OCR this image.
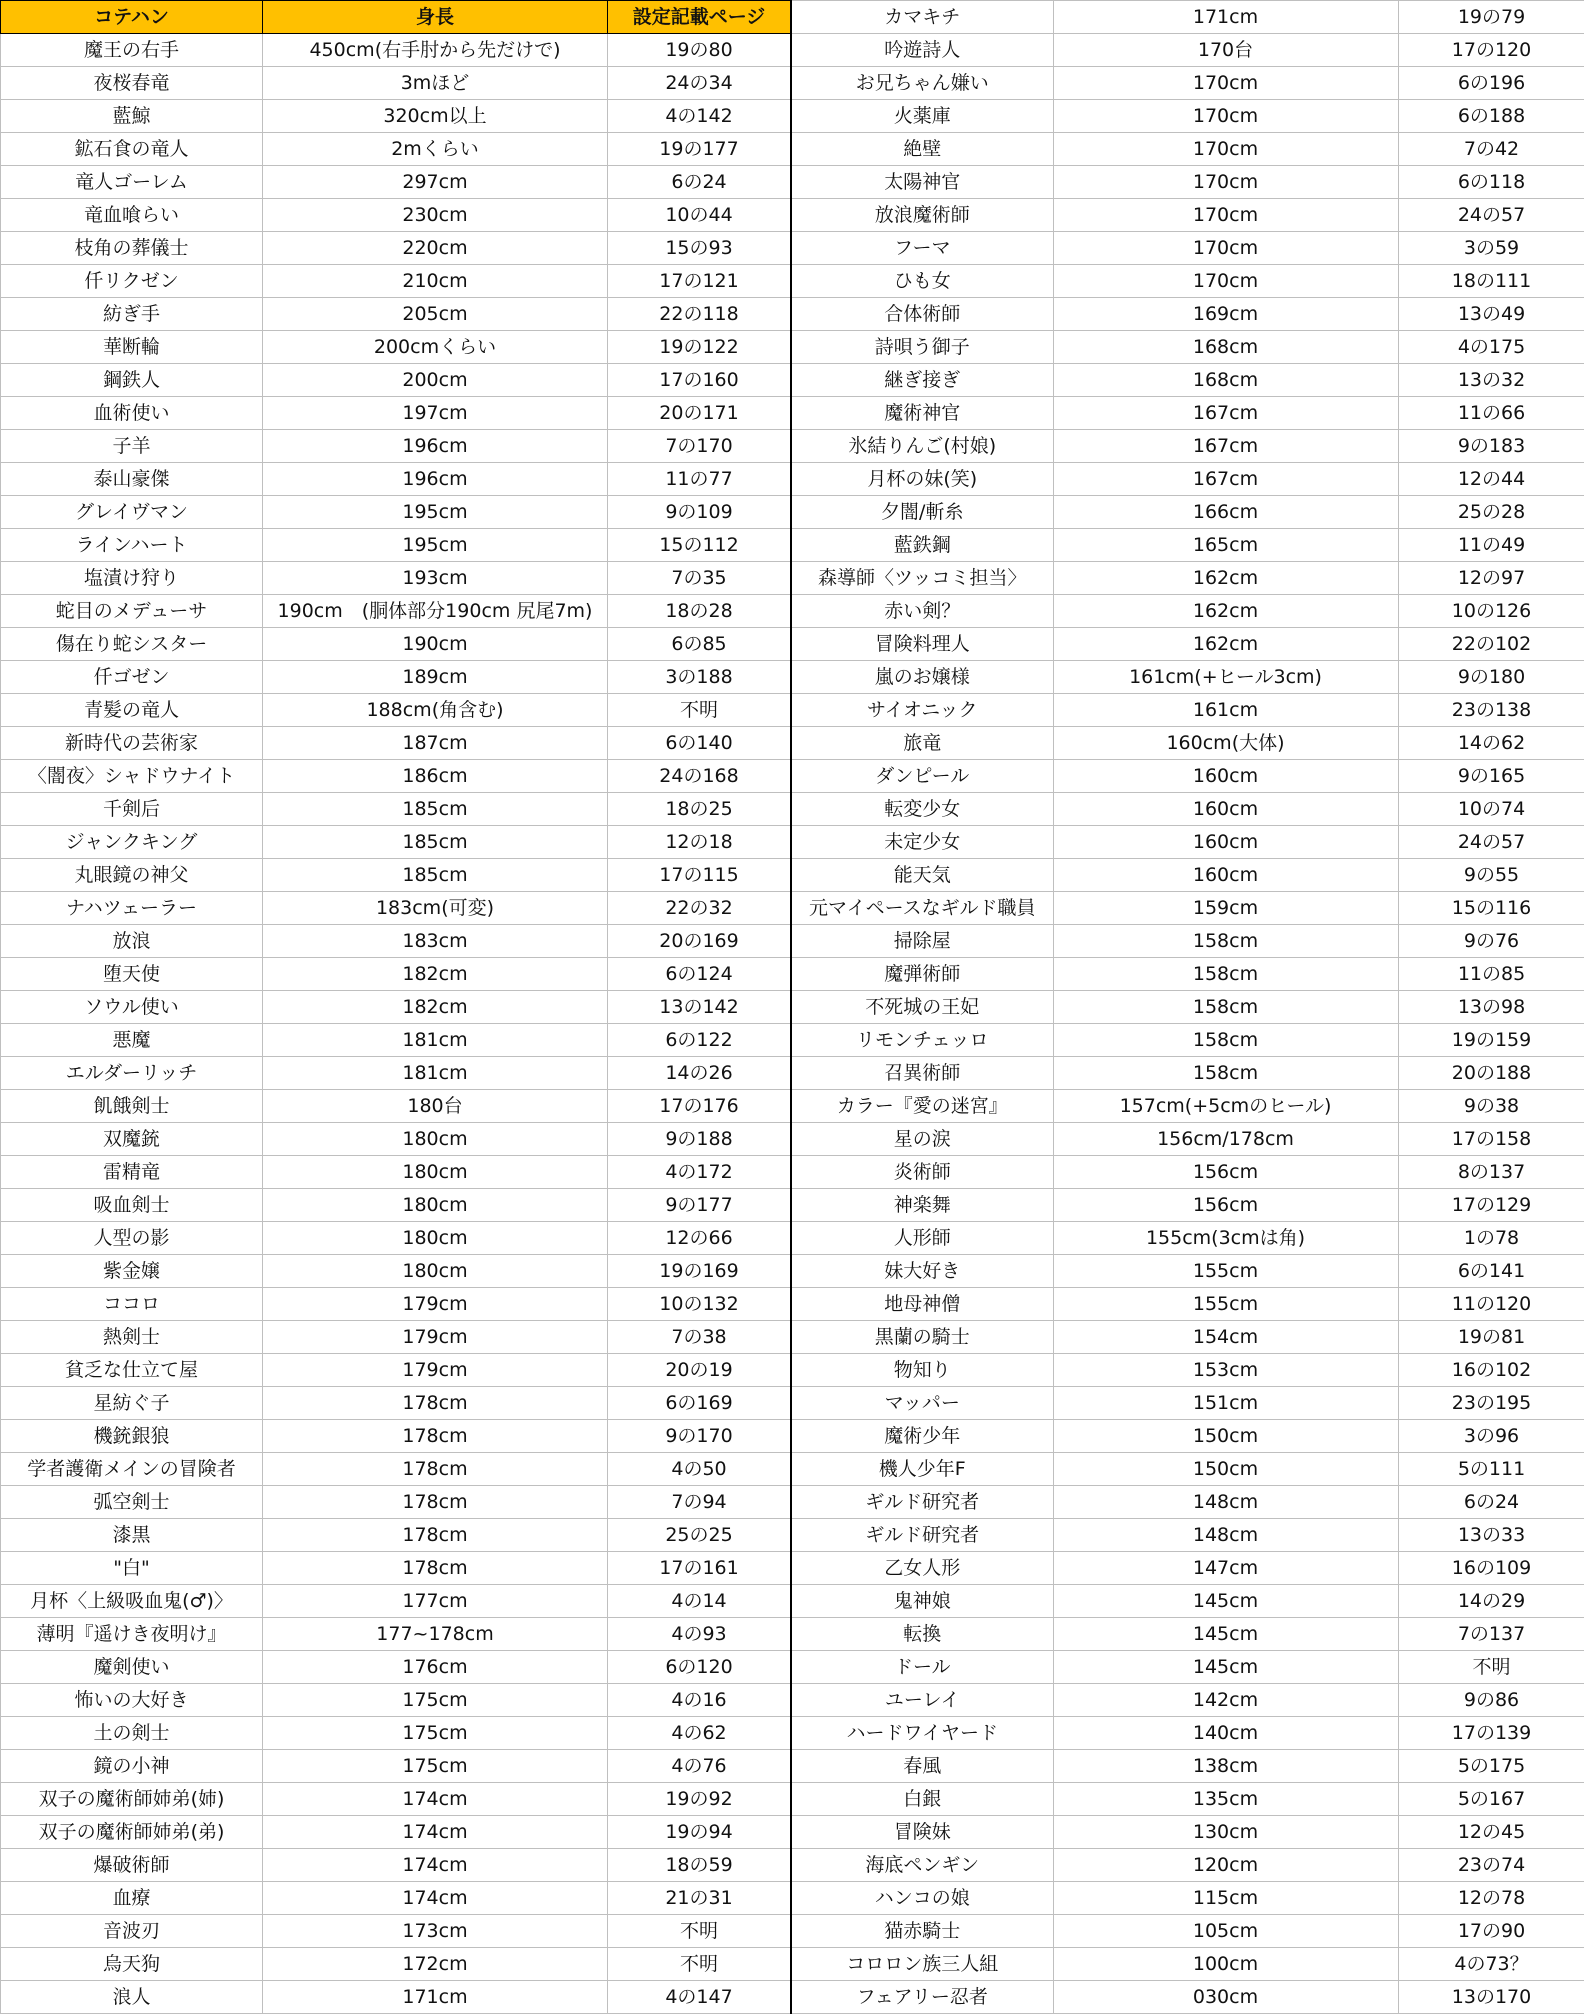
コテハン	身長	設定記載ページ
魔王の右手	450cm(右手肘から先だけで)	19の80
夜桜春竜	3mほど	24の34
藍鯨	320cm以上	4の142
鉱石食の竜人	2mくらい	19の177
竜人ゴーレム	297cm	6の24
竜血喰らい	230cm	10の44
枝角の葬儀士	220cm	15の93
仟リクゼン	210cm	17の121
紡ぎ手	205cm	22の118
華断輪	200cmくらい	19の122
鋼鉄人	200cm	17の160
血術使い	197cm	20の171
子羊	196cm	7の170
泰山豪傑	196cm	11の77
グレイヴマン	195cm	9の109
ラインハート	195cm	15の112
塩漬け狩り	193cm	7の35
蛇目のメデューサ	190cm　(胴体部分190cm 尻尾7m)	18の28
傷在り蛇シスター	190cm	6の85
仟ゴゼン	189cm	3の188
青髪の竜人	188cm(角含む)	不明
新時代の芸術家	187cm	6の140
〈闇夜〉シャドウナイト	186cm	24の168
千剣后	185cm	18の25
ジャンクキング	185cm	12の18
丸眼鏡の神父	185cm	17の115
ナハツェーラー	183cm(可変)	22の32
放浪	183cm	20の169
堕天使	182cm	6の124
ソウル使い	182cm	13の142
悪魔	181cm	6の122
エルダーリッチ	181cm	14の26
飢餓剣士	180台	17の176
双魔銃	180cm	9の188
雷精竜	180cm	4の172
吸血剣士	180cm	9の177
人型の影	180cm	12の66
紫金嬢	180cm	19の169
ココロ	179cm	10の132
熱剣士	179cm	7の38
貧乏な仕立て屋	179cm	20の19
星紡ぐ子	178cm	6の169
機銃銀狼	178cm	9の170
学者護衛メインの冒険者	178cm	4の50
弧空剣士	178cm	7の94
漆黒	178cm	25の25
"白"	178cm	17の161
月杯〈上級吸血鬼(♂)〉	177cm	4の14
薄明『遥けき夜明け』	177~178cm	4の93
魔剣使い	176cm	6の120
怖いの大好き	175cm	4の16
土の剣士	175cm	4の62
鏡の小神	175cm	4の76
双子の魔術師姉弟(姉)	174cm	19の92
双子の魔術師姉弟(弟)	174cm	19の94
爆破術師	174cm	18の59
血療	174cm	21の31
音波刃	173cm	不明
烏天狗	172cm	不明
浪人	171cm	4の147
カマキチ	171cm	19の79
吟遊詩人	170台	17の120
お兄ちゃん嫌い	170cm	6の196
火薬庫	170cm	6の188
絶壁	170cm	7の42
太陽神官	170cm	6の118
放浪魔術師	170cm	24の57
フーマ	170cm	3の59
ひも女	170cm	18の111
合体術師	169cm	13の49
詩唄う御子	168cm	4の175
継ぎ接ぎ	168cm	13の32
魔術神官	167cm	11の66
氷結りんご(村娘)	167cm	9の183
月杯の妹(笑)	167cm	12の44
夕闇/斬糸	166cm	25の28
藍鉄鋼	165cm	11の49
森導師〈ツッコミ担当〉	162cm	12の97
赤い剣？	162cm	10の126
冒険料理人	162cm	22の102
嵐のお嬢様	161cm(+ヒール3cm)	9の180
サイオニック	161cm	23の138
旅竜	160cm(大体)	14の62
ダンピール	160cm	9の165
転変少女	160cm	10の74
未定少女	160cm	24の57
能天気	160cm	9の55
元マイペースなギルド職員	159cm	15の116
掃除屋	158cm	9の76
魔弾術師	158cm	11の85
不死城の王妃	158cm	13の98
リモンチェッロ	158cm	19の159
召異術師	158cm	20の188
カラー『愛の迷宮』	157cm(+5cmのヒール)	9の38
星の涙	156cm/178cm	17の158
炎術師	156cm	8の137
神楽舞	156cm	17の129
人形師	155cm(3cmは角)	1の78
妹大好き	155cm	6の141
地母神僧	155cm	11の120
黒蘭の騎士	154cm	19の81
物知り	153cm	16の102
マッパー	151cm	23の195
魔術少年	150cm	3の96
機人少年F	150cm	5の111
ギルド研究者	148cm	6の24
ギルド研究者	148cm	13の33
乙女人形	147cm	16の109
鬼神娘	145cm	14の29
転換	145cm	7の137
ドール	145cm	不明
ユーレイ	142cm	9の86
ハードワイヤード	140cm	17の139
春風	138cm	5の175
白銀	135cm	5の167
冒険妹	130cm	12の45
海底ペンギン	120cm	23の74
ハンコの娘	115cm	12の78
猫赤騎士	105cm	17の90
コロロン族三人組	100cm	4の73？
フェアリー忍者	030cm	13の170
